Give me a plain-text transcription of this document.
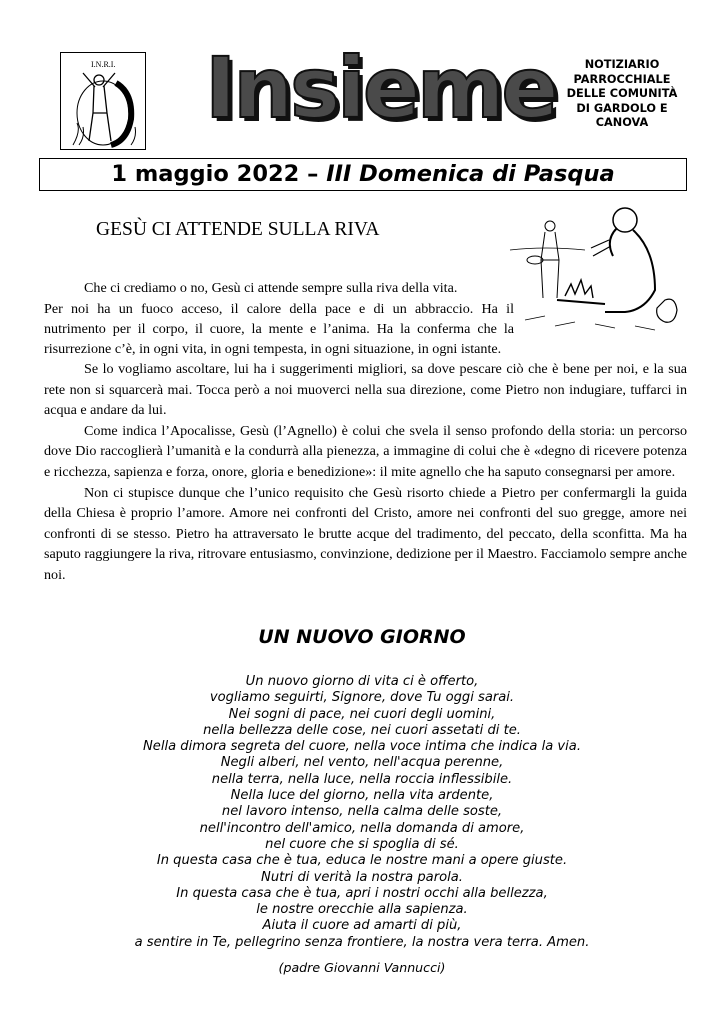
I.N.R.I. Insieme	NOTIZIARIO
PARROCCHIALE
DELLE COMUNITÀ
DI GARDOLO E
CANOVA
1 maggio 2022 – III Domenica di Pasqua
GESÙ CI ATTENDE SULLA RIVA
Che ci crediamo o no, Gesù ci attende sempre sulla riva della vita.
Per noi ha un fuoco acceso, il calore della pace e di un abbraccio. Ha il
nutrimento per il corpo, il cuore, la mente e l’anima. Ha la conferma che la
risurrezione c’è, in ogni vita, in ogni tempesta, in ogni situazione, in ogni istante.

Se lo vogliamo ascoltare, lui ha i suggerimenti migliori, sa dove pescare ciò che è bene per noi, e la sua rete non si squarcerà mai. Tocca però a noi muoverci nella sua direzione, come Pietro non indugiare, tuffarci in acqua e andare da lui.

Come indica l’Apocalisse, Gesù (l’Agnello) è colui che svela il senso profondo della storia: un percorso dove Dio raccoglierà l’umanità e la condurrà alla pienezza, a immagine di colui che è «degno di ricevere potenza e ricchezza, sapienza e forza, onore, gloria e benedizione»: il mite agnello che ha saputo consegnarsi per amore.

Non ci stupisce dunque che l’unico requisito che Gesù risorto chiede a Pietro per confermargli la guida della Chiesa è proprio l’amore. Amore nei confronti del Cristo, amore nei confronti del suo gregge, amore nei confronti di se stesso. Pietro ha attraversato le brutte acque del tradimento, del peccato, della sconfitta. Ma ha saputo raggiungere la riva, ritrovare entusiasmo, convinzione, dedizione per il Maestro. Facciamolo sempre anche noi.

UN NUOVO GIORNO
Un nuovo giorno di vita ci è offerto,
vogliamo seguirti, Signore, dove Tu oggi sarai.
Nei sogni di pace, nei cuori degli uomini,
nella bellezza delle cose, nei cuori assetati di te.
Nella dimora segreta del cuore, nella voce intima che indica la via.
Negli alberi, nel vento, nell'acqua perenne,
nella terra, nella luce, nella roccia inflessibile.
Nella luce del giorno, nella vita ardente,
nel lavoro intenso, nella calma delle soste,
nell'incontro dell'amico, nella domanda di amore,
nel cuore che si spoglia di sé.
In questa casa che è tua, educa le nostre mani a opere giuste.
Nutri di verità la nostra parola.
In questa casa che è tua, apri i nostri occhi alla bellezza,
le nostre orecchie alla sapienza.
Aiuta il cuore ad amarti di più,
a sentire in Te, pellegrino senza frontiere, la nostra vera terra. Amen.
(padre Giovanni Vannucci)
